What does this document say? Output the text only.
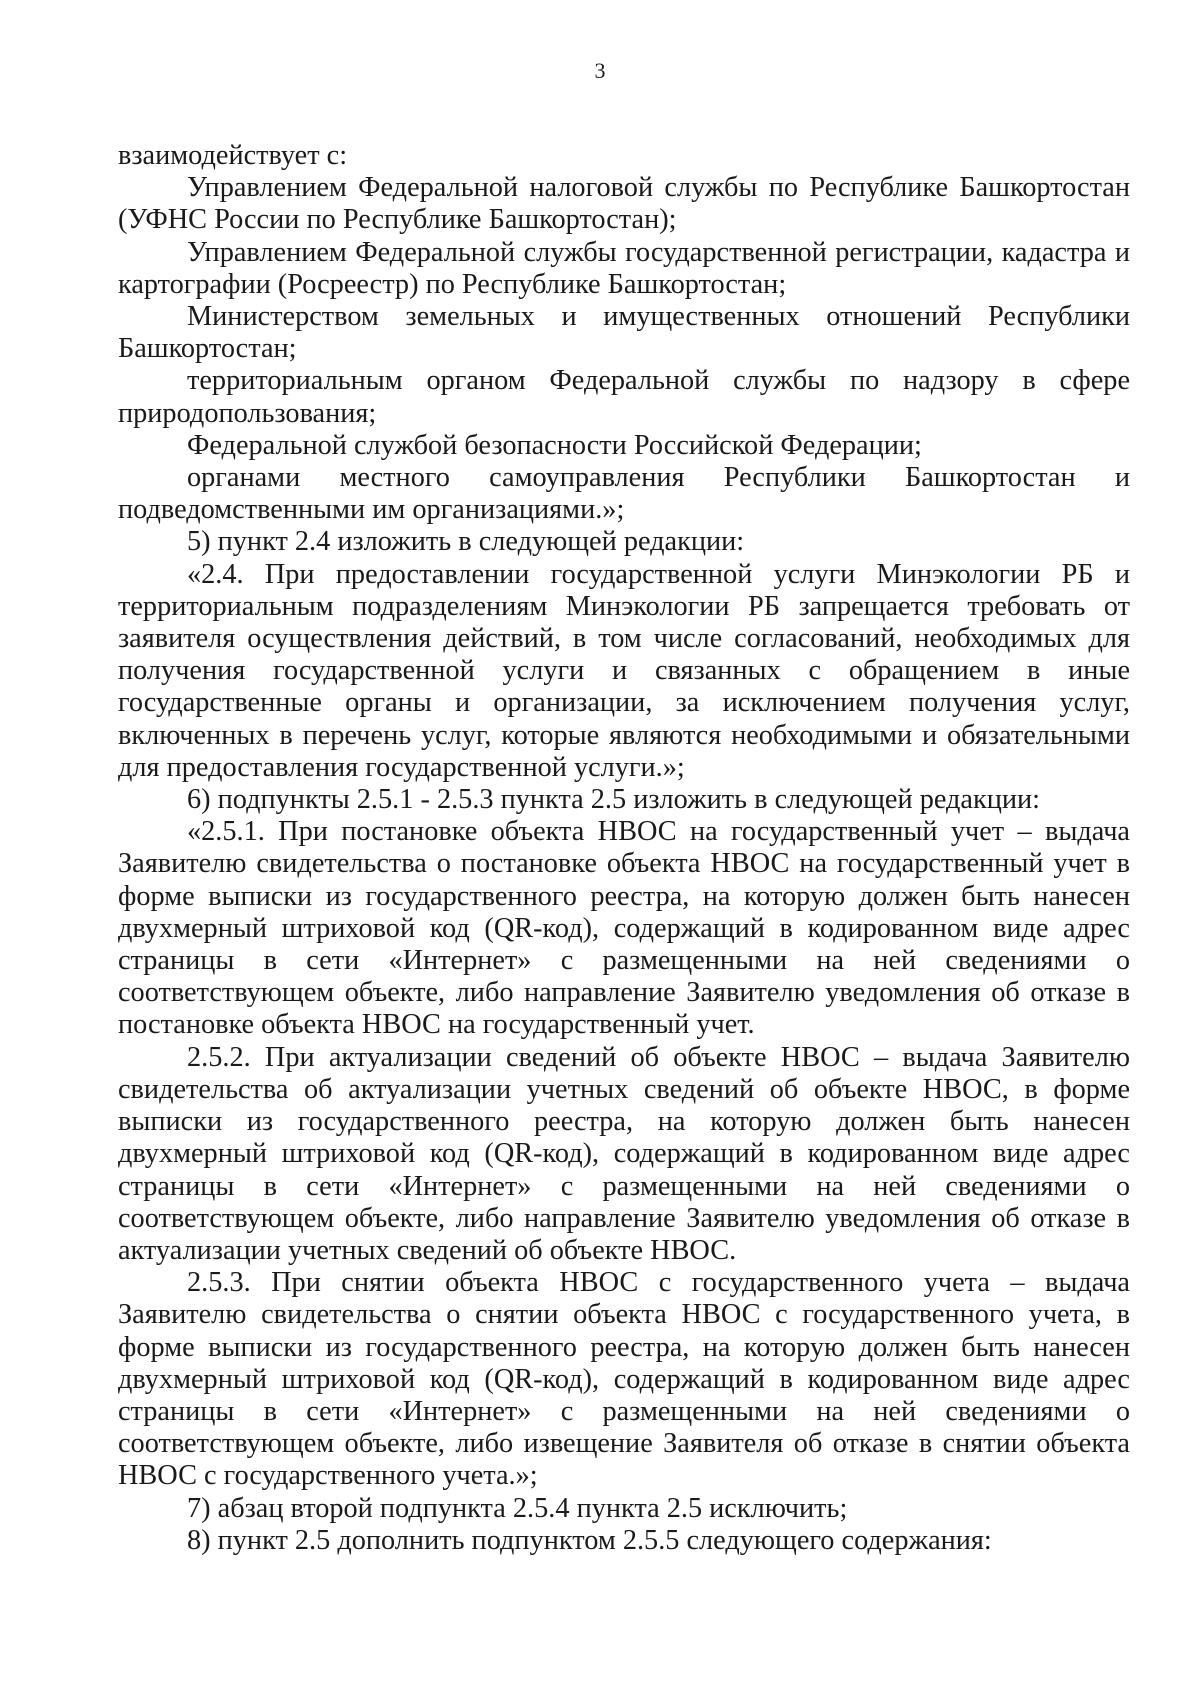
3

взаимодействует с:

Управлением Федеральной налоговой службы по Республике Башкортостан (УФНС России по Республике Башкортостан);

Управлением Федеральной службы государственной регистрации, кадастра и картографии (Росреестр) по Республике Башкортостан;

Министерством земельных и имущественных отношений Республики Башкортостан;

территориальным органом Федеральной службы по надзору в сфере природопользования;

Федеральной службой безопасности Российской Федерации;

органами местного самоуправления Республики Башкортостан и подведомственными им организациями.»;

5) пункт 2.4 изложить в следующей редакции:

«2.4. При предоставлении государственной услуги Минэкологии РБ и территориальным подразделениям Минэкологии РБ запрещается требовать от заявителя осуществления действий, в том числе согласований, необходимых для получения государственной услуги и связанных с обращением в иные государственные органы и организации, за исключением получения услуг, включенных в перечень услуг, которые являются необходимыми и обязательными для предоставления государственной услуги.»;

6) подпункты 2.5.1 - 2.5.3 пункта 2.5 изложить в следующей редакции:

«2.5.1. При постановке объекта НВОС на государственный учет – выдача Заявителю свидетельства о постановке объекта НВОС на государственный учет в форме выписки из государственного реестра, на которую должен быть нанесен двухмерный штриховой код (QR-код), содержащий в кодированном виде адрес страницы в сети «Интернет» с размещенными на ней сведениями о соответствующем объекте, либо направление Заявителю уведомления об отказе в постановке объекта НВОС на государственный учет.

2.5.2. При актуализации сведений об объекте НВОС – выдача Заявителю свидетельства об актуализации учетных сведений об объекте НВОС, в форме выписки из государственного реестра, на которую должен быть нанесен двухмерный штриховой код (QR-код), содержащий в кодированном виде адрес страницы в сети «Интернет» с размещенными на ней сведениями о соответствующем объекте, либо направление Заявителю уведомления об отказе в актуализации учетных сведений об объекте НВОС.

2.5.3. При снятии объекта НВОС с государственного учета – выдача Заявителю свидетельства о снятии объекта НВОС с государственного учета, в форме выписки из государственного реестра, на которую должен быть нанесен двухмерный штриховой код (QR-код), содержащий в кодированном виде адрес страницы в сети «Интернет» с размещенными на ней сведениями о соответствующем объекте, либо извещение Заявителя об отказе в снятии объекта НВОС с государственного учета.»;

7) абзац второй подпункта 2.5.4 пункта 2.5 исключить;

8) пункт 2.5 дополнить подпунктом 2.5.5 следующего содержания:
